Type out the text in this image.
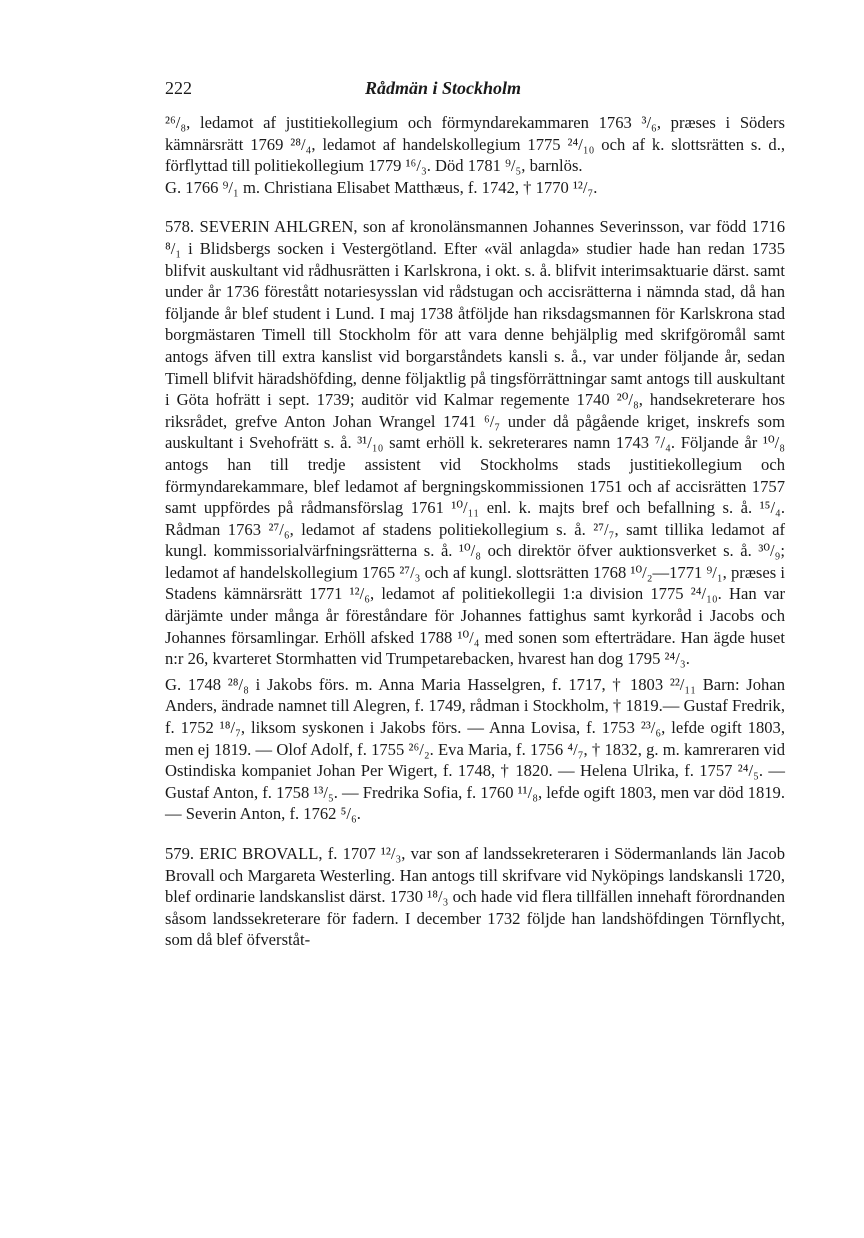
222	Rådmän i Stockholm

²⁶/₈, ledamot af justitiekollegium och förmyndarekammaren 1763 ³/₆, præses i Söders kämnärsrätt 1769 ²⁸/₄, ledamot af handelskollegium 1775 ²⁴/₁₀ och af k. slottsrätten s. d., förflyttad till politiekollegium 1779 ¹⁶/₃. Död 1781 ⁹/₅, barnlös.

G. 1766 ⁹/₁ m. Christiana Elisabet Matthæus, f. 1742, † 1770 ¹²/₇.

578. SEVERIN AHLGREN, son af kronolänsmannen Johannes Severinsson, var född 1716 ⁸/₁ i Blidsbergs socken i Vestergötland. Efter «väl anlagda» studier hade han redan 1735 blifvit auskultant vid rådhusrätten i Karlskrona, i okt. s. å. blifvit interimsaktuarie därst. samt under år 1736 förestått notariesysslan vid rådstugan och accisrätterna i nämnda stad, då han följande år blef student i Lund. I maj 1738 åtföljde han riksdagsmannen för Karlskrona stad borgmästaren Timell till Stockholm för att vara denne behjälplig med skrifgöromål samt antogs äfven till extra kanslist vid borgarståndets kansli s. å., var under följande år, sedan Timell blifvit häradshöfding, denne följaktlig på tingsförrättningar samt antogs till auskultant i Göta hofrätt i sept. 1739; auditör vid Kalmar regemente 1740 ²⁰/₈, handsekreterare hos riksrådet, grefve Anton Johan Wrangel 1741 ⁶/₇ under då pågående kriget, inskrefs som auskultant i Svehofrätt s. å. ³¹/₁₀ samt erhöll k. sekreterares namn 1743 ⁷/₄. Följande år ¹⁰/₈ antogs han till tredje assistent vid Stockholms stads justitiekollegium och förmyndarekammare, blef ledamot af bergningskommissionen 1751 och af accisrätten 1757 samt uppfördes på rådmansförslag 1761 ¹⁰/₁₁ enl. k. majts bref och befallning s. å. ¹⁵/₄. Rådman 1763 ²⁷/₆, ledamot af stadens politiekollegium s. å. ²⁷/₇, samt tillika ledamot af kungl. kommissorialvärfningsrätterna s. å. ¹⁰/₈ och direktör öfver auktionsverket s. å. ³⁰/₉; ledamot af handelskollegium 1765 ²⁷/₃ och af kungl. slottsrätten 1768 ¹⁰/₂—1771 ⁹/₁, præses i Stadens kämnärsrätt 1771 ¹²/₆, ledamot af politiekollegii 1:a division 1775 ²⁴/₁₀. Han var därjämte under många år föreståndare för Johannes fattighus samt kyrkoråd i Jacobs och Johannes församlingar. Erhöll afsked 1788 ¹⁰/₄ med sonen som efterträdare. Han ägde huset n:r 26, kvarteret Stormhatten vid Trumpetarebacken, hvarest han dog 1795 ²⁴/₃.

G. 1748 ²⁸/₈ i Jakobs förs. m. Anna Maria Hasselgren, f. 1717, † 1803 ²²/₁₁ Barn: Johan Anders, ändrade namnet till Alegren, f. 1749, rådman i Stockholm, † 1819.— Gustaf Fredrik, f. 1752 ¹⁸/₇, liksom syskonen i Jakobs förs. — Anna Lovisa, f. 1753 ²³/₆, lefde ogift 1803, men ej 1819. — Olof Adolf, f. 1755 ²⁶/₂. Eva Maria, f. 1756 ⁴/₇, † 1832, g. m. kamreraren vid Ostindiska kompaniet Johan Per Wigert, f. 1748, † 1820. — Helena Ulrika, f. 1757 ²⁴/₅. — Gustaf Anton, f. 1758 ¹³/₅. — Fredrika Sofia, f. 1760 ¹¹/₈, lefde ogift 1803, men var död 1819. — Severin Anton, f. 1762 ⁵/₆.

579. ERIC BROVALL, f. 1707 ¹²/₃, var son af landssekreteraren i Södermanlands län Jacob Brovall och Margareta Westerling. Han antogs till skrifvare vid Nyköpings landskansli 1720, blef ordinarie landskanslist därst. 1730 ¹⁸/₃ och hade vid flera tillfällen innehaft förordnanden såsom landssekreterare för fadern. I december 1732 följde han landshöfdingen Törnflycht, som då blef öfverståt-
